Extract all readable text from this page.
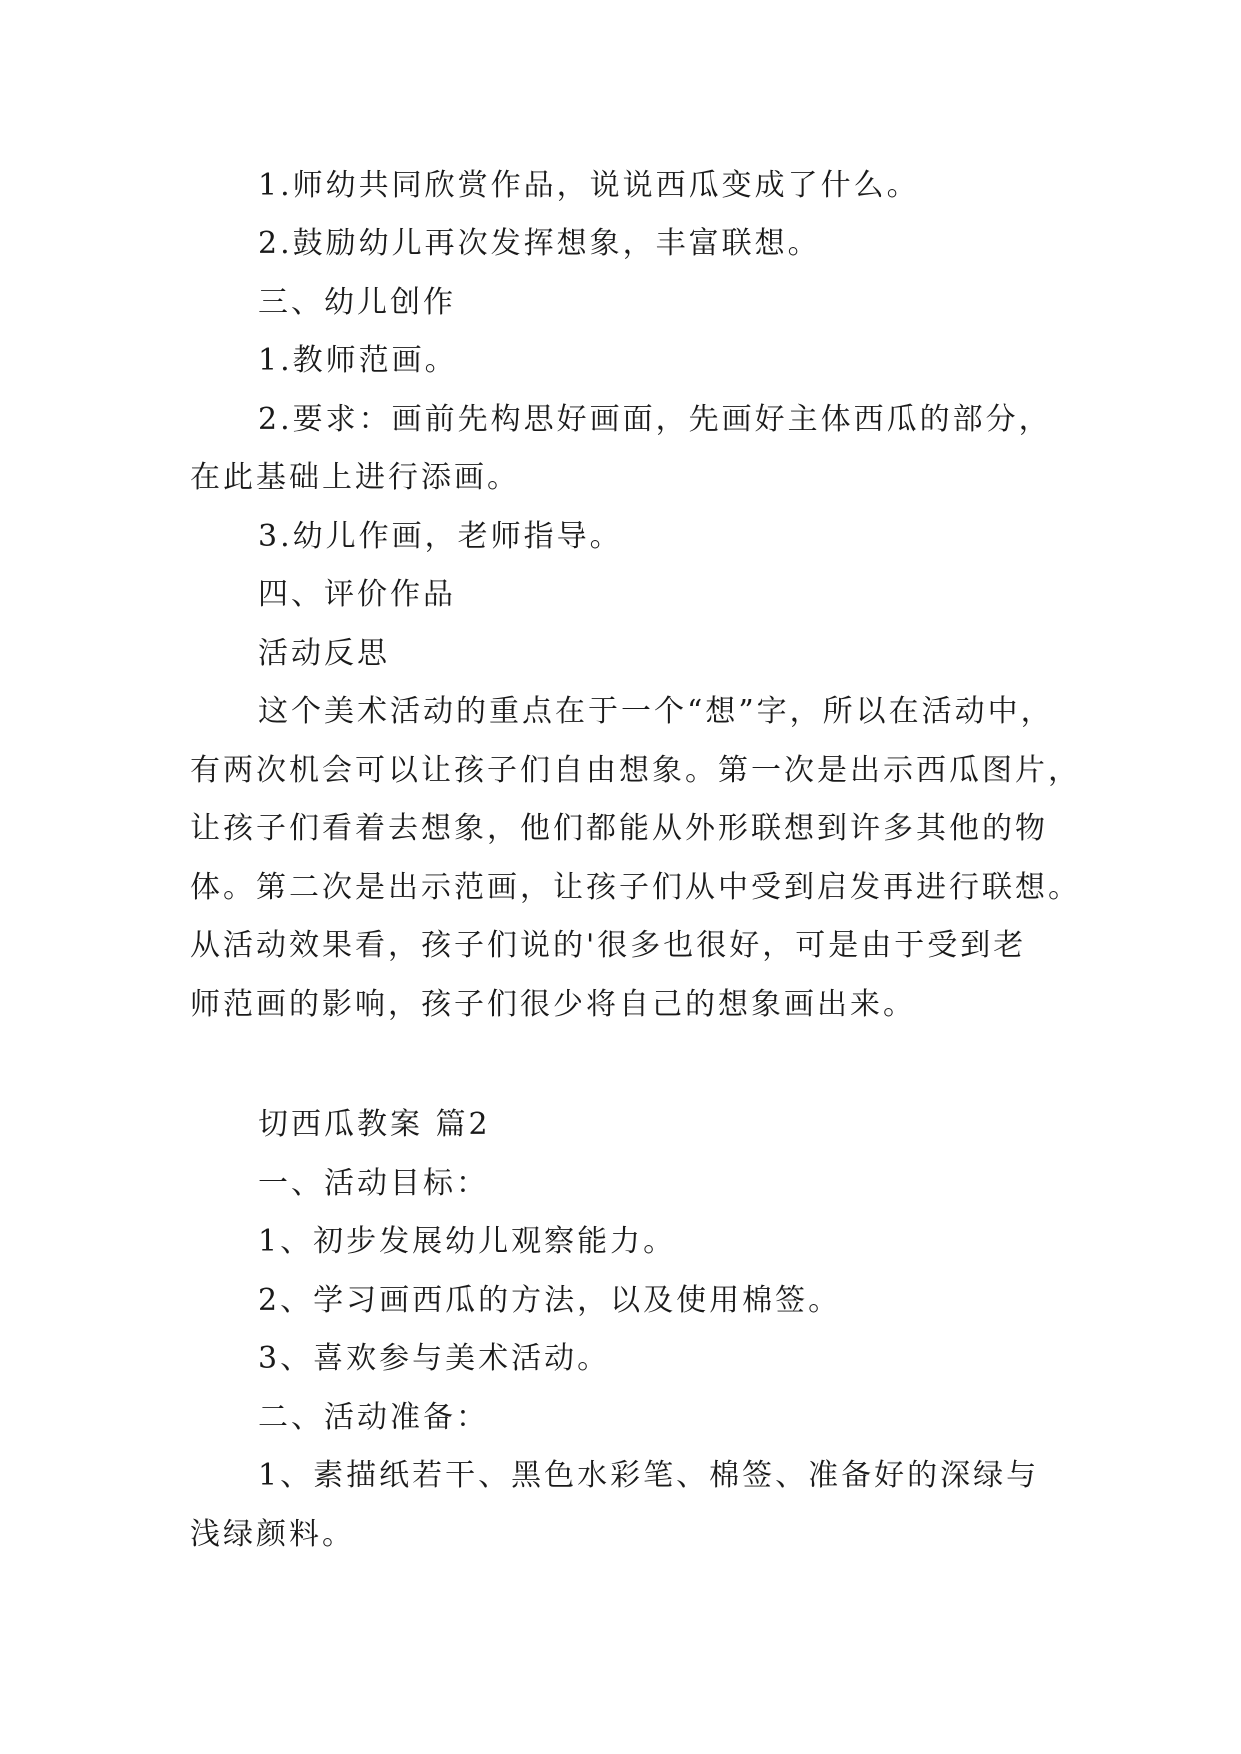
1.师幼共同欣赏作品，说说西瓜变成了什么。
2.鼓励幼儿再次发挥想象，丰富联想。
三、幼儿创作
1.教师范画。
2.要求：画前先构思好画面，先画好主体西瓜的部分，
在此基础上进行添画。
3.幼儿作画，老师指导。
四、评价作品
活动反思
这个美术活动的重点在于一个“想”字，所以在活动中，
有两次机会可以让孩子们自由想象。第一次是出示西瓜图片，
让孩子们看着去想象，他们都能从外形联想到许多其他的物
体。第二次是出示范画，让孩子们从中受到启发再进行联想。
从活动效果看，孩子们说的'很多也很好，可是由于受到老
师范画的影响，孩子们很少将自己的想象画出来。
切西瓜教案 篇2
一、活动目标：
1、初步发展幼儿观察能力。
2、学习画西瓜的方法，以及使用棉签。
3、喜欢参与美术活动。
二、活动准备：
1、素描纸若干、黑色水彩笔、棉签、准备好的深绿与
浅绿颜料。
